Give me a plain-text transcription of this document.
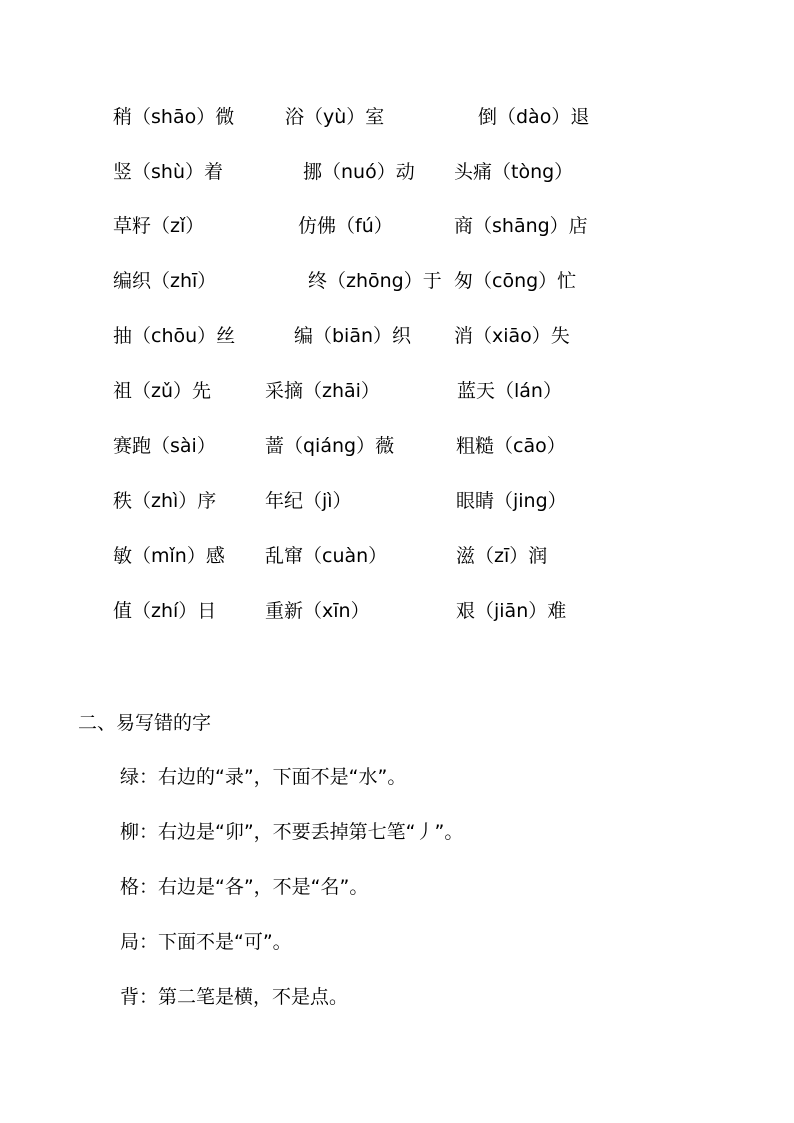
稍（shāo）微	浴（yù）室	倒（dào）退
竖（shù）着	挪（nuó）动 头痛（tòng）
草籽（zǐ）	仿佛（fú）	商（shāng）店
编织（zhī）	终（zhōng）于 匆（cōng）忙
抽（chōu）丝	编（biān）织 消（xiāo）失
祖（zǔ）先	采摘（zhāi）	蓝天（lán）
赛跑（sài）	蔷（qiáng）薇	粗糙（cāo）
秩（zhì）序	年纪（jì）	眼睛（jing）
敏（mǐn）感 乱窜（cuàn）	滋（zī）润
值（zhí）日	重新（xīn）	艰（jiān）难
二、易写错的字
绿：右边的“录”，下面不是“水”。
柳：右边是“卯”，不要丢掉第七笔“丿”。
格：右边是“各”，不是“名”。
局：下面不是“可”。
背：第二笔是横，不是点。
